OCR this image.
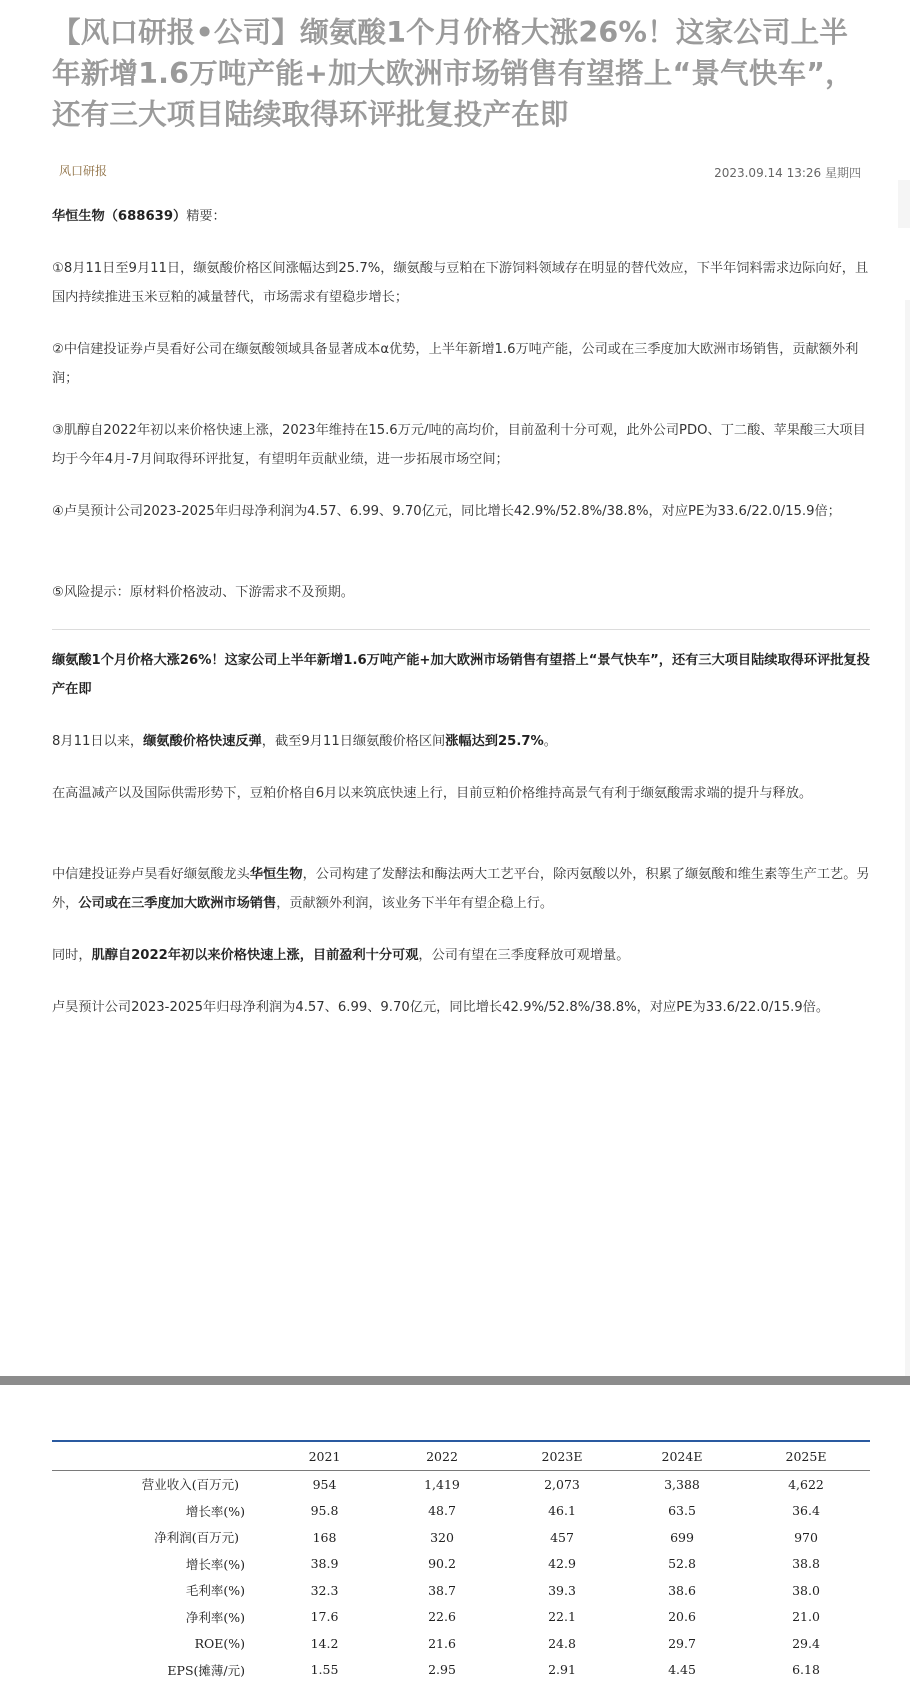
【风口研报•公司】缬氨酸1个月价格大涨26%！这家公司上半年新增1.6万吨产能+加大欧洲市场销售有望搭上“景气快车”，还有三大项目陆续取得环评批复投产在即
风口研报	2023.09.14 13:26 星期四
华恒生物（688639）精要：
①8月11日至9月11日，缬氨酸价格区间涨幅达到25.7%，缬氨酸与豆粕在下游饲料领域存在明显的替代效应，下半年饲料需求边际向好，且国内持续推进玉米豆粕的减量替代，市场需求有望稳步增长；
②中信建投证券卢昊看好公司在缬氨酸领域具备显著成本α优势，上半年新增1.6万吨产能，公司或在三季度加大欧洲市场销售，贡献额外利润；
③肌醇自2022年初以来价格快速上涨，2023年维持在15.6万元/吨的高均价，目前盈利十分可观，此外公司PDO、丁二酸、苹果酸三大项目均于今年4月-7月间取得环评批复，有望明年贡献业绩，进一步拓展市场空间；
④卢昊预计公司2023-2025年归母净利润为4.57、6.99、9.70亿元，同比增长42.9%/52.8%/38.8%，对应PE为33.6/22.0/15.9倍；
⑤风险提示：原材料价格波动、下游需求不及预期。
缬氨酸1个月价格大涨26%！这家公司上半年新增1.6万吨产能+加大欧洲市场销售有望搭上“景气快车”，还有三大项目陆续取得环评批复投产在即
8月11日以来，缬氨酸价格快速反弹，截至9月11日缬氨酸价格区间涨幅达到25.7%。
在高温减产以及国际供需形势下，豆粕价格自6月以来筑底快速上行，目前豆粕价格维持高景气有利于缬氨酸需求端的提升与释放。
中信建投证券卢昊看好缬氨酸龙头华恒生物，公司构建了发酵法和酶法两大工艺平台，除丙氨酸以外，积累了缬氨酸和维生素等生产工艺。另外，公司或在三季度加大欧洲市场销售，贡献额外利润，该业务下半年有望企稳上行。
同时，肌醇自2022年初以来价格快速上涨，目前盈利十分可观，公司有望在三季度释放可观增量。
卢昊预计公司2023-2025年归母净利润为4.57、6.99、9.70亿元，同比增长42.9%/52.8%/38.8%，对应PE为33.6/22.0/15.9倍。
	2021	2022	2023E	2024E	2025E
营业收入(百万元)	954	1,419	2,073	3,388	4,622
增长率(%)	95.8	48.7	46.1	63.5	36.4
净利润(百万元)	168	320	457	699	970
增长率(%)	38.9	90.2	42.9	52.8	38.8
毛利率(%)	32.3	38.7	39.3	38.6	38.0
净利率(%)	17.6	22.6	22.1	20.6	21.0
ROE(%)	14.2	21.6	24.8	29.7	29.4
EPS(摊薄/元)	1.55	2.95	2.91	4.45	6.18
